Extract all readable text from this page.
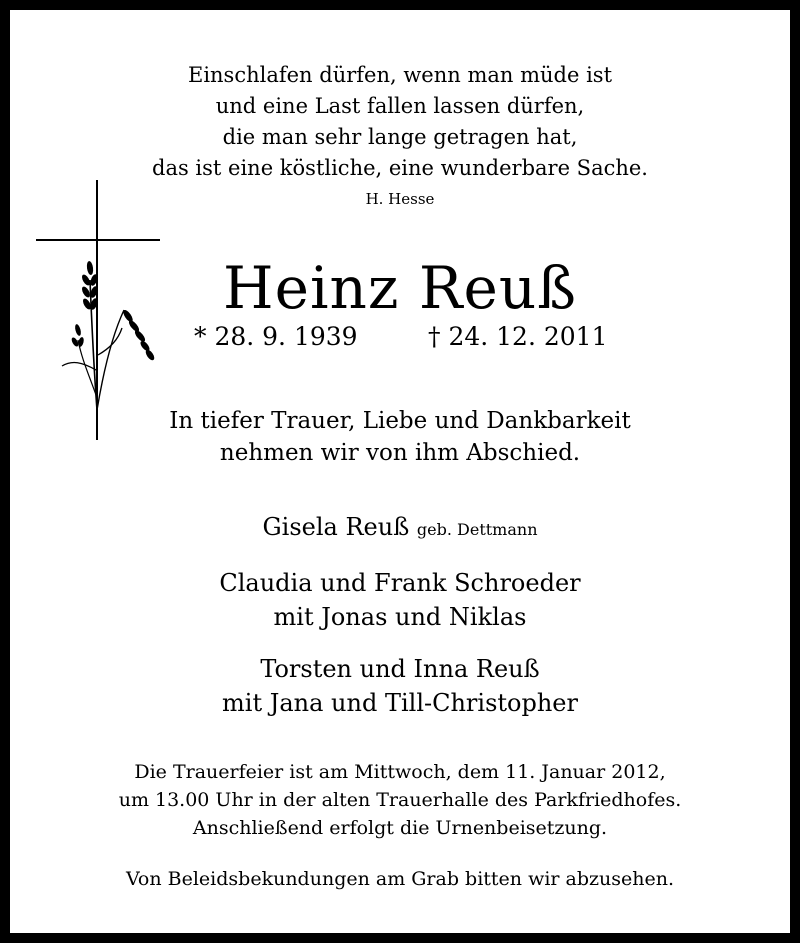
Einschlafen dürfen, wenn man müde ist
und eine Last fallen lassen dürfen,
die man sehr lange getragen hat,
das ist eine köstliche, eine wunderbare Sache.
H. Hesse
Heinz Reuß
* 28. 9. 1939	† 24. 12. 2011
In tiefer Trauer, Liebe und Dankbarkeit
nehmen wir von ihm Abschied.
Gisela Reuß geb. Dettmann
Claudia und Frank Schroeder
mit Jonas und Niklas
Torsten und Inna Reuß
mit Jana und Till-Christopher
Die Trauerfeier ist am Mittwoch, dem 11. Januar 2012,
um 13.00 Uhr in der alten Trauerhalle des Parkfriedhofes.
Anschließend erfolgt die Urnenbeisetzung.
Von Beleidsbekundungen am Grab bitten wir abzusehen.
